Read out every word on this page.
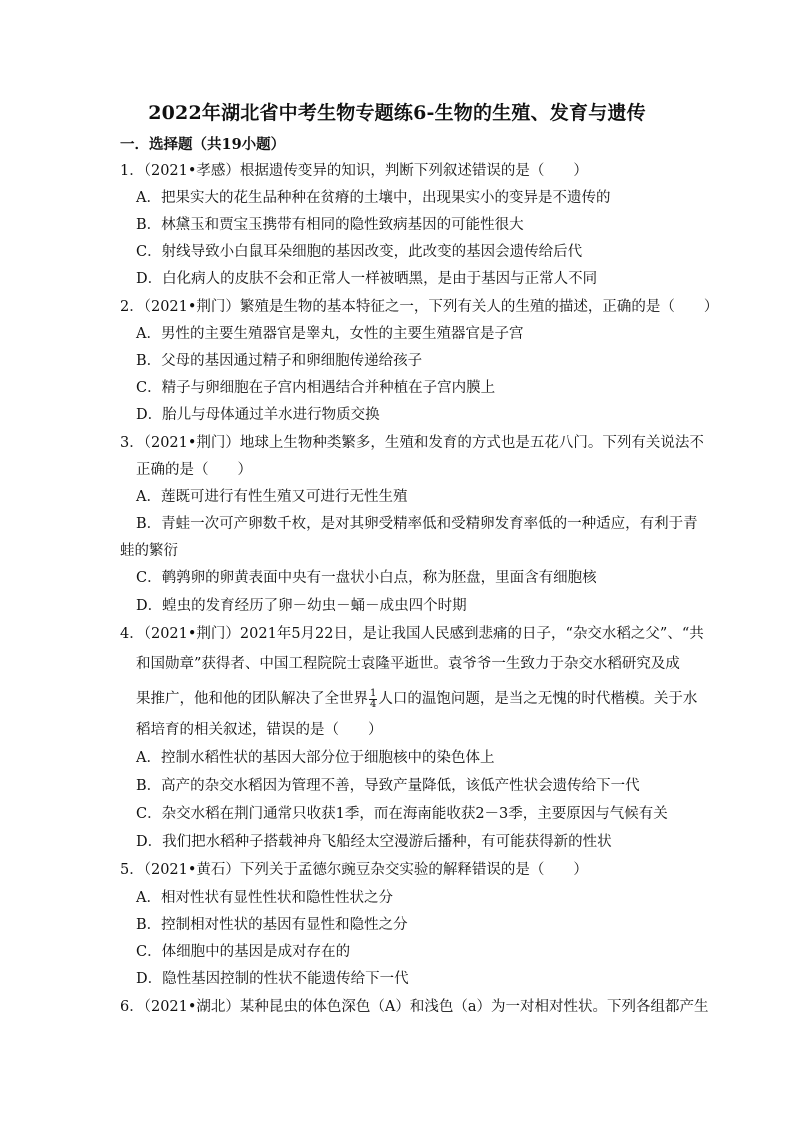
2022年湖北省中考生物专题练6-生物的生殖、发育与遗传
一．选择题（共19小题）
1．（2021•孝感）根据遗传变异的知识，判断下列叙述错误的是（　　）
A．把果实大的花生品种种在贫瘠的土壤中，出现果实小的变异是不遗传的
B．林黛玉和贾宝玉携带有相同的隐性致病基因的可能性很大
C．射线导致小白鼠耳朵细胞的基因改变，此改变的基因会遗传给后代
D．白化病人的皮肤不会和正常人一样被晒黑，是由于基因与正常人不同
2．（2021•荆门）繁殖是生物的基本特征之一，下列有关人的生殖的描述，正确的是（　　）
A．男性的主要生殖器官是睾丸，女性的主要生殖器官是子宫
B．父母的基因通过精子和卵细胞传递给孩子
C．精子与卵细胞在子宫内相遇结合并种植在子宫内膜上
D．胎儿与母体通过羊水进行物质交换
3．（2021•荆门）地球上生物种类繁多，生殖和发育的方式也是五花八门。下列有关说法不
正确的是（　　）
A．莲既可进行有性生殖又可进行无性生殖
B．青蛙一次可产卵数千枚，是对其卵受精率低和受精卵发育率低的一种适应，有利于青
蛙的繁衍
C．鹌鹑卵的卵黄表面中央有一盘状小白点，称为胚盘，里面含有细胞核
D．蝗虫的发育经历了卵－幼虫－蛹－成虫四个时期
4．（2021•荆门）2021年5月22日，是让我国人民感到悲痛的日子，“杂交水稻之父”、“共
和国勋章”获得者、中国工程院院士袁隆平逝世。袁爷爷一生致力于杂交水稻研究及成
果推广，他和他的团队解决了全世界 $\frac{1}{4}$ 人口的温饱问题，是当之无愧的时代楷模。关于水
稻培育的相关叙述，错误的是（　　）
A．控制水稻性状的基因大部分位于细胞核中的染色体上
B．高产的杂交水稻因为管理不善，导致产量降低，该低产性状会遗传给下一代
C．杂交水稻在荆门通常只收获1季，而在海南能收获2－3季，主要原因与气候有关
D．我们把水稻种子搭载神舟飞船经太空漫游后播种，有可能获得新的性状
5．（2021•黄石）下列关于孟德尔豌豆杂交实验的解释错误的是（　　）
A．相对性状有显性性状和隐性性状之分
B．控制相对性状的基因有显性和隐性之分
C．体细胞中的基因是成对存在的
D．隐性基因控制的性状不能遗传给下一代
6．（2021•湖北）某种昆虫的体色深色（A）和浅色（a）为一对相对性状。下列各组都产生
